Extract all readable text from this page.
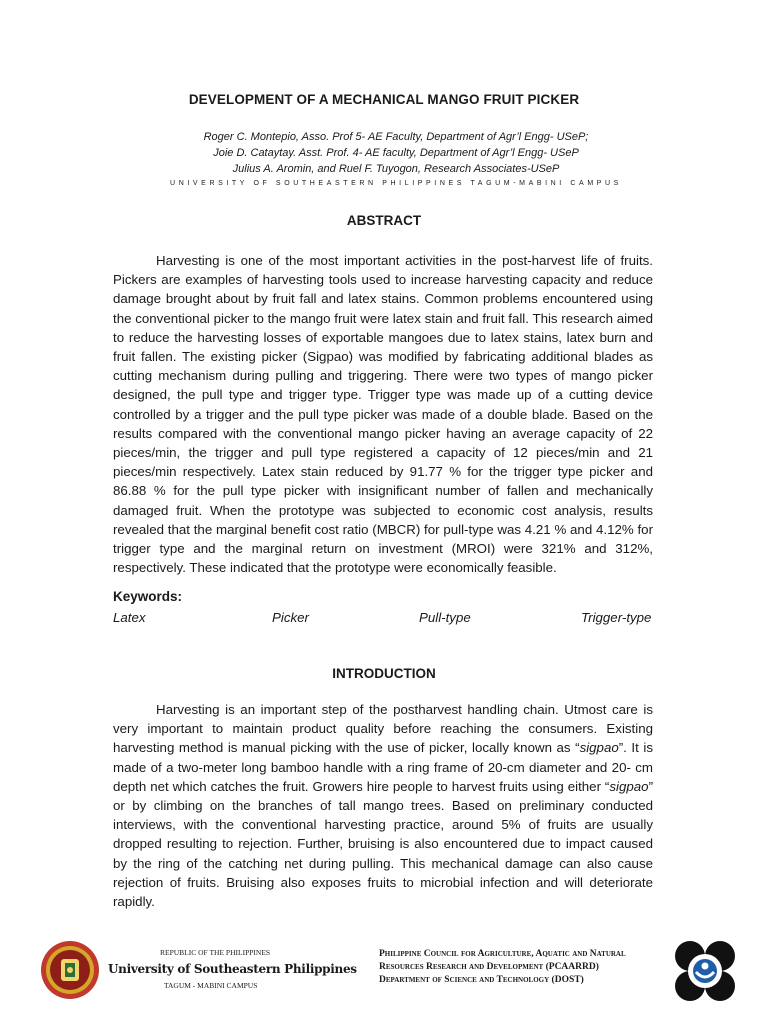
DEVELOPMENT OF A MECHANICAL MANGO FRUIT PICKER
Roger C. Montepio, Asso. Prof 5- AE Faculty, Department of Agr’l Engg- USeP;
Joie D. Cataytay. Asst. Prof. 4- AE faculty, Department of Agr’l Engg- USeP
Julius A. Aromin, and Ruel F. Tuyogon, Research Associates-USeP
UNIVERSITY OF SOUTHEASTERN PHILIPPINES TAGUM-MABINI CAMPUS
ABSTRACT

Harvesting is one of the most important activities in the post-harvest life of fruits. Pickers are examples of harvesting tools used to increase harvesting capacity and reduce damage brought about by fruit fall and latex stains. Common problems encountered using the conventional picker to the mango fruit were latex stain and fruit fall. This research aimed to reduce the harvesting losses of exportable mangoes due to latex stains, latex burn and fruit fallen. The existing picker (Sigpao) was modified by fabricating additional blades as cutting mechanism during pulling and triggering. There were two types of mango picker designed, the pull type and trigger type. Trigger type was made up of a cutting device controlled by a trigger and the pull type picker was made of a double blade. Based on the results compared with the conventional mango picker having an average capacity of 22 pieces/min, the trigger and pull type registered a capacity of 12 pieces/min and 21 pieces/min respectively. Latex stain reduced by 91.77 % for the trigger type picker and 86.88 % for the pull type picker with insignificant number of fallen and mechanically damaged fruit. When the prototype was subjected to economic cost analysis, results revealed that the marginal benefit cost ratio (MBCR) for pull-type was 4.21 % and 4.12% for trigger type and the marginal return on investment (MROI) were 321% and 312%, respectively. These indicated that the prototype were economically feasible.

Keywords:
Latex	Picker	Pull-type	Trigger-type
INTRODUCTION

Harvesting is an important step of the postharvest handling chain. Utmost care is very important to maintain product quality before reaching the consumers. Existing harvesting method is manual picking with the use of picker, locally known as “sigpao”. It is made of a two-meter long bamboo handle with a ring frame of 20-cm diameter and 20- cm depth net which catches the fruit. Growers hire people to harvest fruits using either “sigpao” or by climbing on the branches of tall mango trees. Based on preliminary conducted interviews, with the conventional harvesting practice, around 5% of fruits are usually dropped resulting to rejection. Further, bruising is also encountered due to impact caused by the ring of the catching net during pulling. This mechanical damage can also cause rejection of fruits. Bruising also exposes fruits to microbial infection and will deteriorate rapidly.

REPUBLIC OF THE PHILIPPINES
University of Southeastern Philippines
TAGUM - MABINI CAMPUS
Philippine Council for Agriculture, Aquatic and Natural
Resources Research and Development (PCAARRD)
Department of Science and Technology (DOST)
